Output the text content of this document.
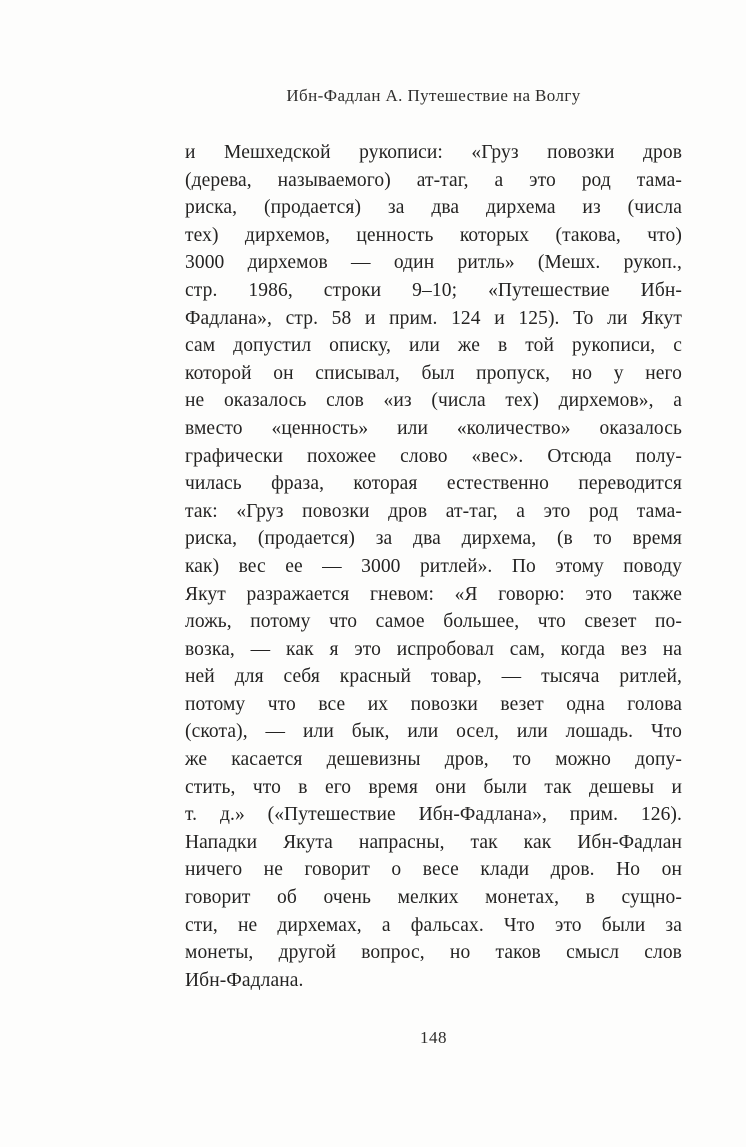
Ибн-Фадлан А. Путешествие на Волгу
и Мешхедской рукописи: «Груз повозки дров
(дерева, называемого) ат-таг, а это род тама-
риска, (продается) за два дирхема из (числа
тех) дирхемов, ценность которых (такова, что)
3000 дирхемов — один ритль» (Мешх. рукоп.,
стр. 1986, строки 9–10; «Путешествие Ибн-
Фадлана», стр. 58 и прим. 124 и 125). То ли Якут
сам допустил описку, или же в той рукописи, с
которой он списывал, был пропуск, но у него
не оказалось слов «из (числа тех) дирхемов», а
вместо «ценность» или «количество» оказалось
графически похожее слово «вес». Отсюда полу-
чилась фраза, которая естественно переводится
так: «Груз повозки дров ат-таг, а это род тама-
риска, (продается) за два дирхема, (в то время
как) вес ее — 3000 ритлей». По этому поводу
Якут разражается гневом: «Я говорю: это также
ложь, потому что самое большее, что свезет по-
возка, — как я это испробовал сам, когда вез на
ней для себя красный товар, — тысяча ритлей,
потому что все их повозки везет одна голова
(скота), — или бык, или осел, или лошадь. Что
же касается дешевизны дров, то можно допу-
стить, что в его время они были так дешевы и
т. д.» («Путешествие Ибн-Фадлана», прим. 126).
Нападки Якута напрасны, так как Ибн-Фадлан
ничего не говорит о весе клади дров. Но он
говорит об очень мелких монетах, в сущно-
сти, не дирхемах, а фальсах. Что это были за
монеты, другой вопрос, но таков смысл слов
Ибн-Фадлана.
148
